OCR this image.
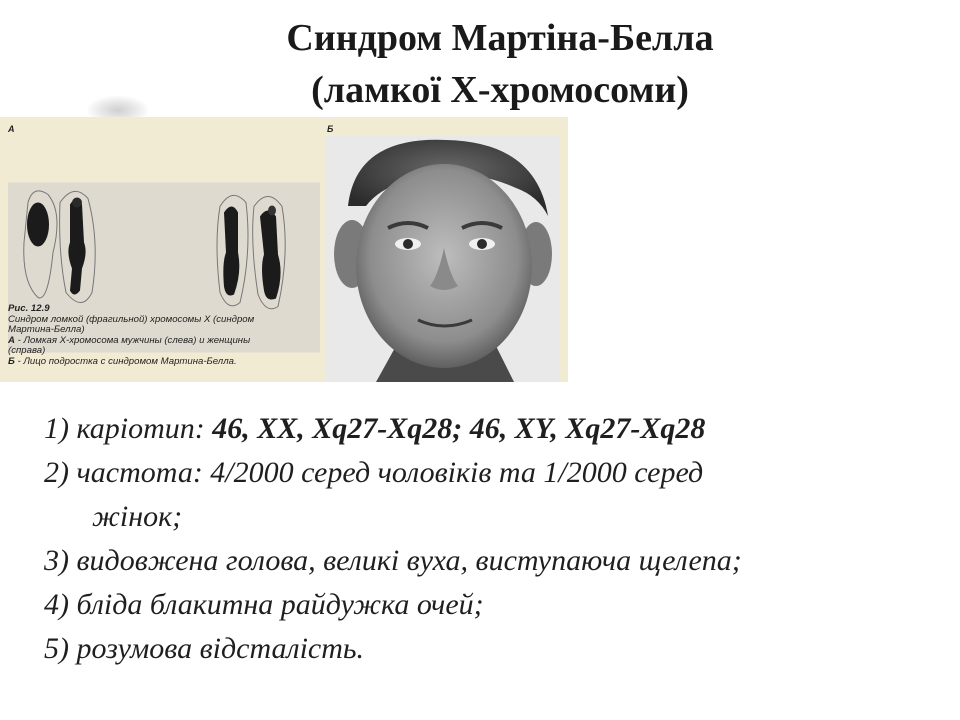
Синдром Мартіна-Белла
(ламкої Х-хромосоми)
А	Б
Рис. 12.9
Синдром ломкой (фрагильной) хромосомы Х (синдром
Мартина-Белла)
А - Ломкая Х-хромосома мужчины (слева) и женщины
(справа)
Б - Лицо подростка с синдромом Мартина-Белла.
1) каріотип: 46, XX, Xq27-Xq28; 46, XY, Xq27-Xq28
2) частота: 4/2000 серед чоловіків та 1/2000 серед
жінок;
3) видовжена голова, великі вуха, виступаюча щелепа;
4) бліда блакитна райдужка очей;
5) розумова відсталість.
